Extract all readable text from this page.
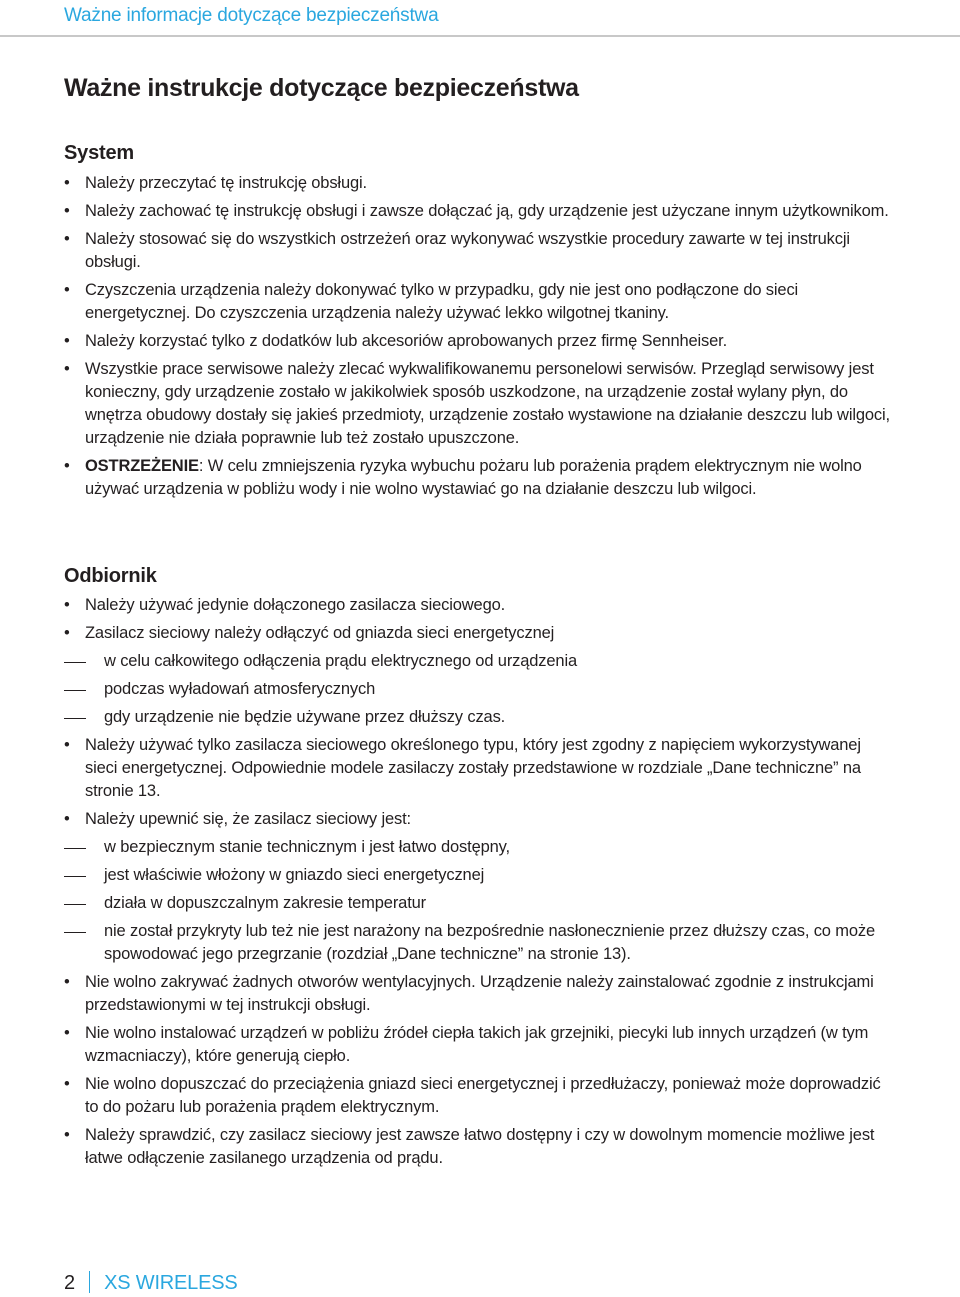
Ważne informacje dotyczące bezpieczeństwa
Ważne instrukcje dotyczące bezpieczeństwa
System
• Należy przeczytać tę instrukcję obsługi.
• Należy zachować tę instrukcję obsługi i zawsze dołączać ją, gdy urządzenie jest użyczane innym użytkownikom.
• Należy stosować się do wszystkich ostrzeżeń oraz wykonywać wszystkie procedury zawarte w tej instrukcji obsługi.
• Czyszczenia urządzenia należy dokonywać tylko w przypadku, gdy nie jest ono podłączone do sieci energetycznej. Do czyszczenia urządzenia należy używać lekko wilgotnej tkaniny.
• Należy korzystać tylko z dodatków lub akcesoriów aprobowanych przez firmę Sennheiser.
• Wszystkie prace serwisowe należy zlecać wykwalifikowanemu personelowi serwisów. Przegląd serwisowy jest konieczny, gdy urządzenie zostało w jakikolwiek sposób uszkodzone, na urządzenie został wylany płyn, do wnętrza obudowy dostały się jakieś przedmioty, urządzenie zostało wystawione na działanie deszczu lub wilgoci, urządzenie nie działa poprawnie lub też zostało upuszczone.
• OSTRZEŻENIE: W celu zmniejszenia ryzyka wybuchu pożaru lub porażenia prądem elektrycznym nie wolno używać urządzenia w pobliżu wody i nie wolno wystawiać go na działanie deszczu lub wilgoci.
Odbiornik
• Należy używać jedynie dołączonego zasilacza sieciowego.
• Zasilacz sieciowy należy odłączyć od gniazda sieci energetycznej
w celu całkowitego odłączenia prądu elektrycznego od urządzenia
podczas wyładowań atmosferycznych
gdy urządzenie nie będzie używane przez dłuższy czas.
• Należy używać tylko zasilacza sieciowego określonego typu, który jest zgodny z napięciem wykorzystywanej sieci energetycznej. Odpowiednie modele zasilaczy zostały przedstawione w rozdziale „Dane techniczne” na stronie 13.
• Należy upewnić się, że zasilacz sieciowy jest:
w bezpiecznym stanie technicznym i jest łatwo dostępny,
jest właściwie włożony w gniazdo sieci energetycznej
działa w dopuszczalnym zakresie temperatur
nie został przykryty lub też nie jest narażony na bezpośrednie nasłonecznienie przez dłuższy czas, co może spowodować jego przegrzanie (rozdział „Dane techniczne” na stronie 13).
• Nie wolno zakrywać żadnych otworów wentylacyjnych. Urządzenie należy zainstalować zgodnie z instrukcjami przedstawionymi w tej instrukcji obsługi.
• Nie wolno instalować urządzeń w pobliżu źródeł ciepła takich jak grzejniki, piecyki lub innych urządzeń (w tym wzmacniaczy), które generują ciepło.
• Nie wolno dopuszczać do przeciążenia gniazd sieci energetycznej i przedłużaczy, ponieważ może doprowadzić to do pożaru lub porażenia prądem elektrycznym.
• Należy sprawdzić, czy zasilacz sieciowy jest zawsze łatwo dostępny i czy w dowolnym momencie możliwe jest łatwe odłączenie zasilanego urządzenia od prądu.
2 XS WIRELESS
